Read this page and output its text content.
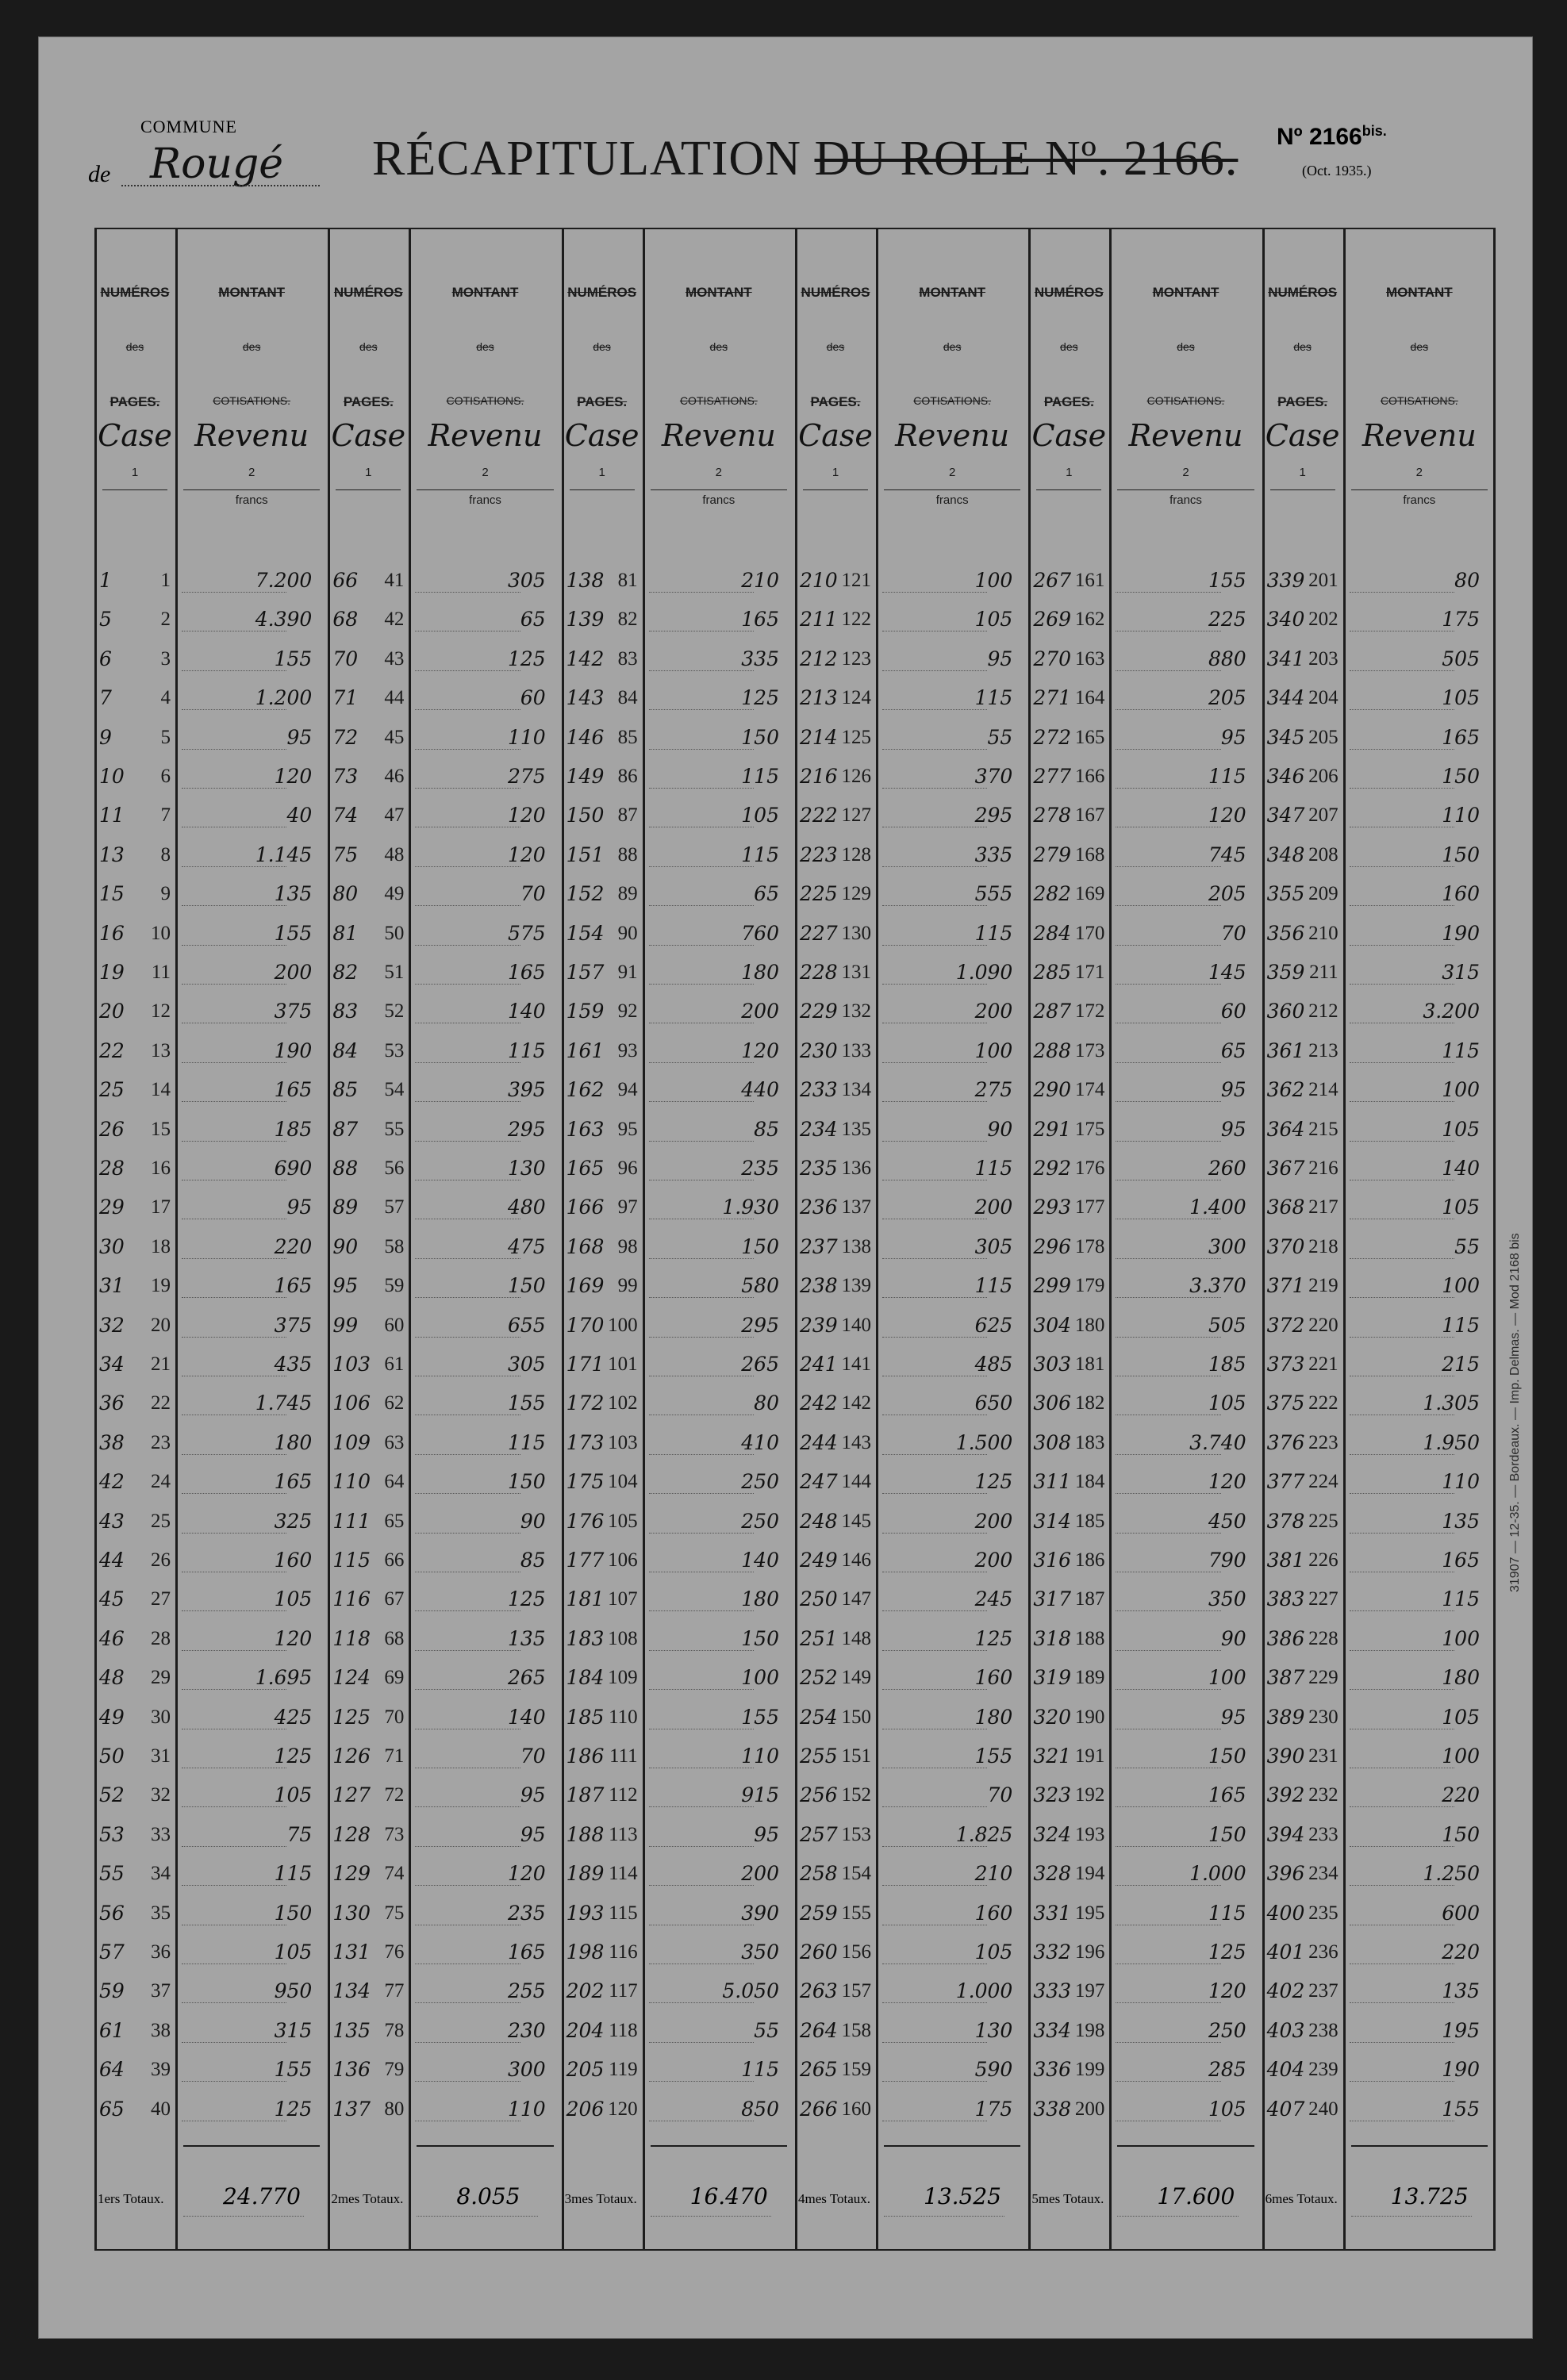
COMMUNE
de Rougé RÉCAPITULATION DU ROLE Nº. 2166. Nº $2166^{bis.}$
(Oct. 1935.)
NUMÉROS
des
PAGES.
Case
1
MONTANT
des
COTISATIONS.
Revenu
2
francs
1	1	7.200
5	2	4.390
6	3	155
7	4	1.200
9	5	95
10	6	120
11	7	40
13	8	1.145
15	9	135
16	10	155
19	11	200
20	12	375
22	13	190
25	14	165
26	15	185
28	16	690
29	17	95
30	18	220
31	19	165
32	20	375
34	21	435
36	22	1.745
38	23	180
42	24	165
43	25	325
44	26	160
45	27	105
46	28	120
48	29	1.695
49	30	425
50	31	125
52	32	105
53	33	75
55	34	115
56	35	150
57	36	105
59	37	950
61	38	315
64	39	155
65	40	125
1ers Totaux.	24.770
NUMÉROS
des
PAGES.
Case
1
MONTANT
des
COTISATIONS.
Revenu
2
francs
66	41	305
68	42	65
70	43	125
71	44	60
72	45	110
73	46	275
74	47	120
75	48	120
80	49	70
81	50	575
82	51	165
83	52	140
84	53	115
85	54	395
87	55	295
88	56	130
89	57	480
90	58	475
95	59	150
99	60	655
103 61	305
106 62	155
109 63	115
110 64	150
111 65	90
115 66	85
116 67	125
118 68	135
124 69	265
125 70	140
126 71	70
127 72	95
128 73	95
129 74	120
130 75	235
131 76	165
134 77	255
135 78	230
136 79	300
137 80	110
2mes Totaux. 8.055
NUMÉROS
des
PAGES.
Case
1
MONTANT
des
COTISATIONS.
Revenu
2
francs
138 81	210
139 82	165
142 83	335
143 84	125
146 85	150
149 86	115
150 87	105
151 88	115
152 89	65
154 90	760
157 91	180
159 92	200
161 93	120
162 94	440
163 95	85
165 96	235
166 97	1.930
168 98	150
169 99	580
170 100	295
171 101	265
172 102	80
173 103	410
175 104	250
176 105	250
177 106	140
181 107	180
183 108	150
184 109	100
185 110	155
186 111	110
187 112	915
188 113	95
189 114	200
193 115	390
198 116	350
202 117	5.050
204 118	55
205 119	115
206 120	850
3mes Totaux. 16.470
NUMÉROS
des
PAGES.
Case
1
MONTANT
des
COTISATIONS.
Revenu
2
francs
210 121	100
211 122	105
212 123	95
213 124	115
214 125	55
216 126	370
222 127	295
223 128	335
225 129	555
227 130	115
228 131	1.090
229 132	200
230 133	100
233 134	275
234 135	90
235 136	115
236 137	200
237 138	305
238 139	115
239 140	625
241 141	485
242 142	650
244 143	1.500
247 144	125
248 145	200
249 146	200
250 147	245
251 148	125
252 149	160
254 150	180
255 151	155
256 152	70
257 153	1.825
258 154	210
259 155	160
260 156	105
263 157	1.000
264 158	130
265 159	590
266 160	175
4mes Totaux. 13.525
NUMÉROS
des
PAGES.
Case
1
MONTANT
des
COTISATIONS.
Revenu
2
francs
267 161	155
269 162	225
270 163	880
271 164	205
272 165	95
277 166	115
278 167	120
279 168	745
282 169	205
284 170	70
285 171	145
287 172	60
288 173	65
290 174	95
291 175	95
292 176	260
293 177	1.400
296 178	300
299 179	3.370
304 180	505
303 181	185
306 182	105
308 183	3.740
311 184	120
314 185	450
316 186	790
317 187	350
318 188	90
319 189	100
320 190	95
321 191	150
323 192	165
324 193	150
328 194	1.000
331 195	115
332 196	125
333 197	120
334 198	250
336 199	285
338 200	105
5mes Totaux. 17.600
NUMÉROS
des
PAGES.
Case
1
MONTANT
des
COTISATIONS.
Revenu
2
francs
339 201	80
340 202	175
341 203	505
344 204	105
345 205	165
346 206	150
347 207	110
348 208	150
355 209	160
356 210	190
359 211	315
360 212	3.200
361 213	115
362 214	100
364 215	105
367 216	140
368 217	105
370 218	55
371 219	100
372 220	115
373 221	215
375 222	1.305
376 223	1.950
377 224	110
378 225	135
381 226	165
383 227	115
386 228	100
387 229	180
389 230	105
390 231	100
392 232	220
394 233	150
396 234	1.250
400 235	600
401 236	220
402 237	135
403 238	195
404 239	190
407 240	155
6mes Totaux. 13.725
31907 — 12-35. — Bordeaux. — Imp. Delmas. — Mod 2168 bis
